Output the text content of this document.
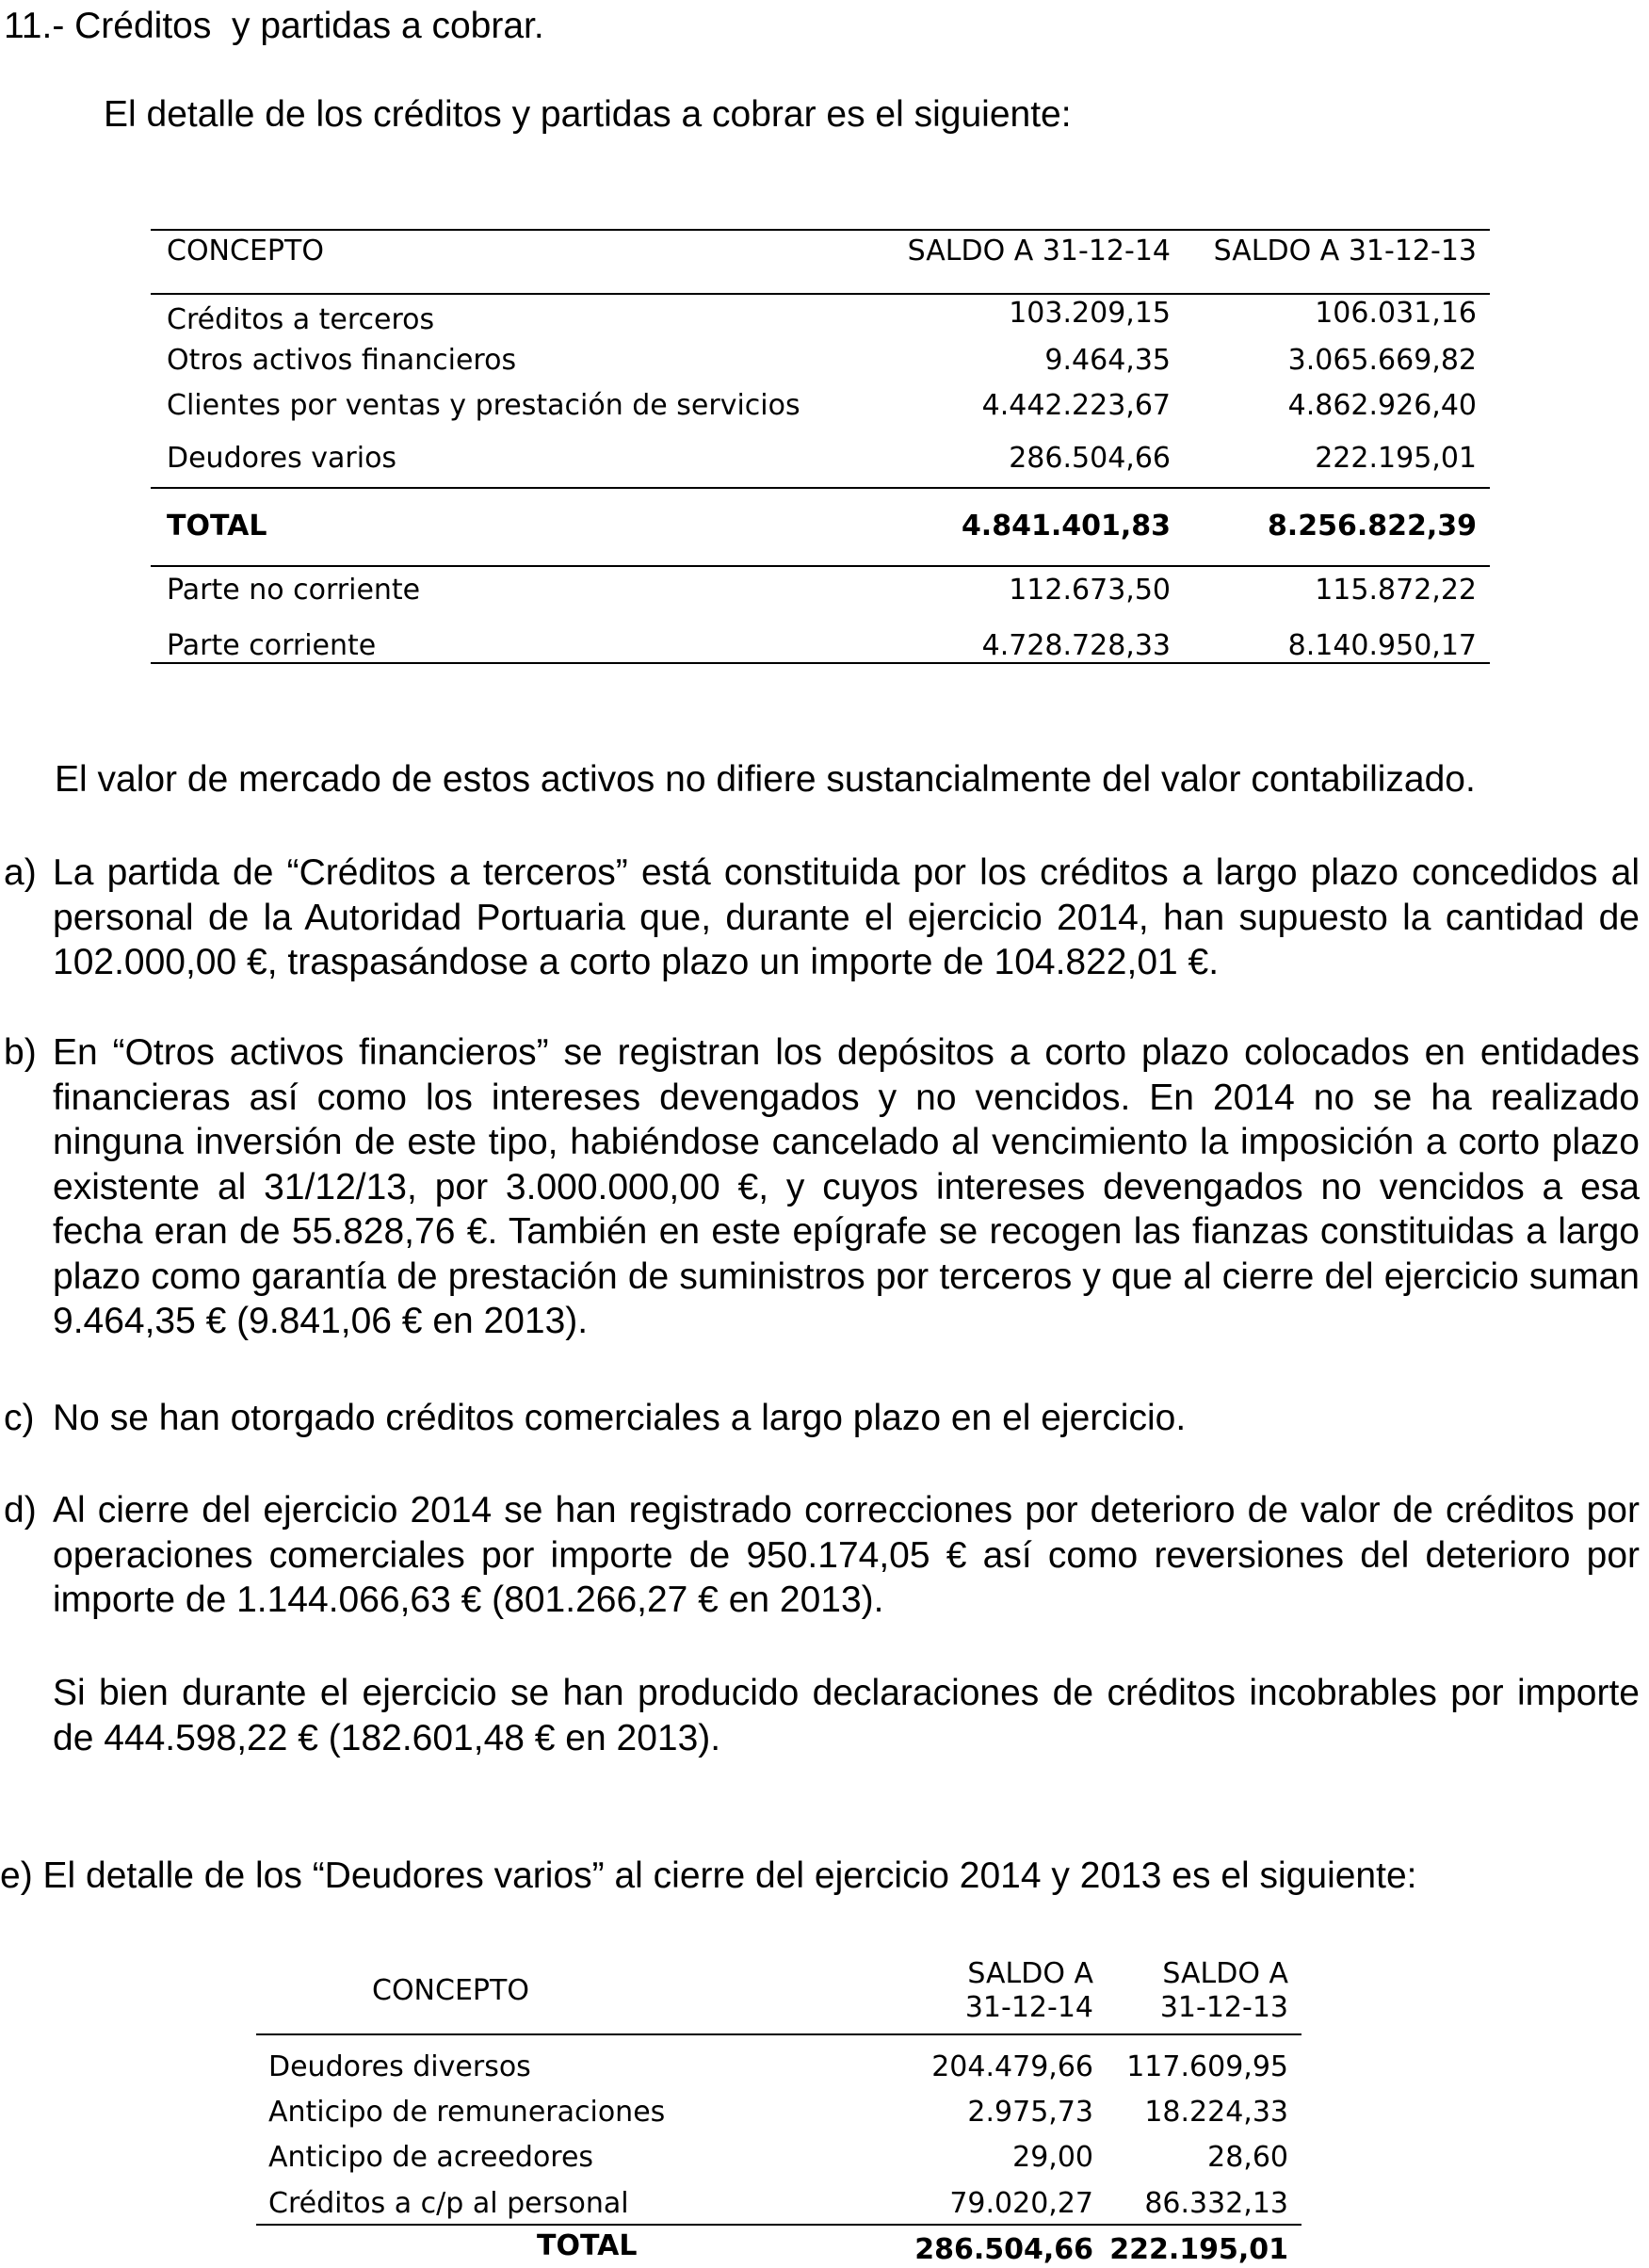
11.- Créditos  y partidas a cobrar.
El detalle de los créditos y partidas a cobrar es el siguiente:
CONCEPTO	SALDO A 31-12-14 SALDO A 31-12-13
Créditos a terceros	103.209,15	106.031,16
Otros activos financieros	9.464,35	3.065.669,82
Clientes por ventas y prestación de servicios	4.442.223,67	4.862.926,40
Deudores varios	286.504,66	222.195,01
TOTAL	4.841.401,83	8.256.822,39
Parte no corriente	112.673,50	115.872,22
Parte corriente	4.728.728,33	8.140.950,17
El valor de mercado de estos activos no difiere sustancialmente del valor contabilizado.
a) La partida de “Créditos a terceros” está constituida por los créditos a largo plazo concedidos al personal de la Autoridad Portuaria que, durante el ejercicio 2014, han supuesto la cantidad de 102.000,00 €, traspasándose a corto plazo un importe de 104.822,01 €.
b) En “Otros activos financieros” se registran los depósitos a corto plazo colocados en entidades financieras así como los intereses devengados y no vencidos. En 2014 no se ha realizado ninguna inversión de este tipo, habiéndose cancelado al vencimiento la imposición a corto plazo existente al 31/12/13, por 3.000.000,00 €, y cuyos intereses devengados no vencidos a esa fecha eran de 55.828,76 €. También en este epígrafe se recogen las fianzas constituidas a largo plazo como garantía de prestación de suministros por terceros y que al cierre del ejercicio suman 9.464,35 € (9.841,06 € en 2013).
c) No se han otorgado créditos comerciales a largo plazo en el ejercicio.
d) Al cierre del ejercicio 2014 se han registrado correcciones por deterioro de valor de créditos por operaciones comerciales por importe de 950.174,05 € así como reversiones del deterioro por importe de 1.144.066,63 € (801.266,27 € en 2013).
Si bien durante el ejercicio se han producido declaraciones de créditos incobrables por importe de 444.598,22 € (182.601,48 € en 2013).
e) El detalle de los “Deudores varios” al cierre del ejercicio 2014 y 2013 es el siguiente:
CONCEPTO
SALDO A
31-12-14
SALDO A
31-12-13
Deudores diversos	204.479,66 117.609,95
Anticipo de remuneraciones	2.975,73 18.224,33
Anticipo de acreedores	29,00	28,60
Créditos a c/p al personal	79.020,27 86.332,13
TOTAL	286.504,66 222.195,01
